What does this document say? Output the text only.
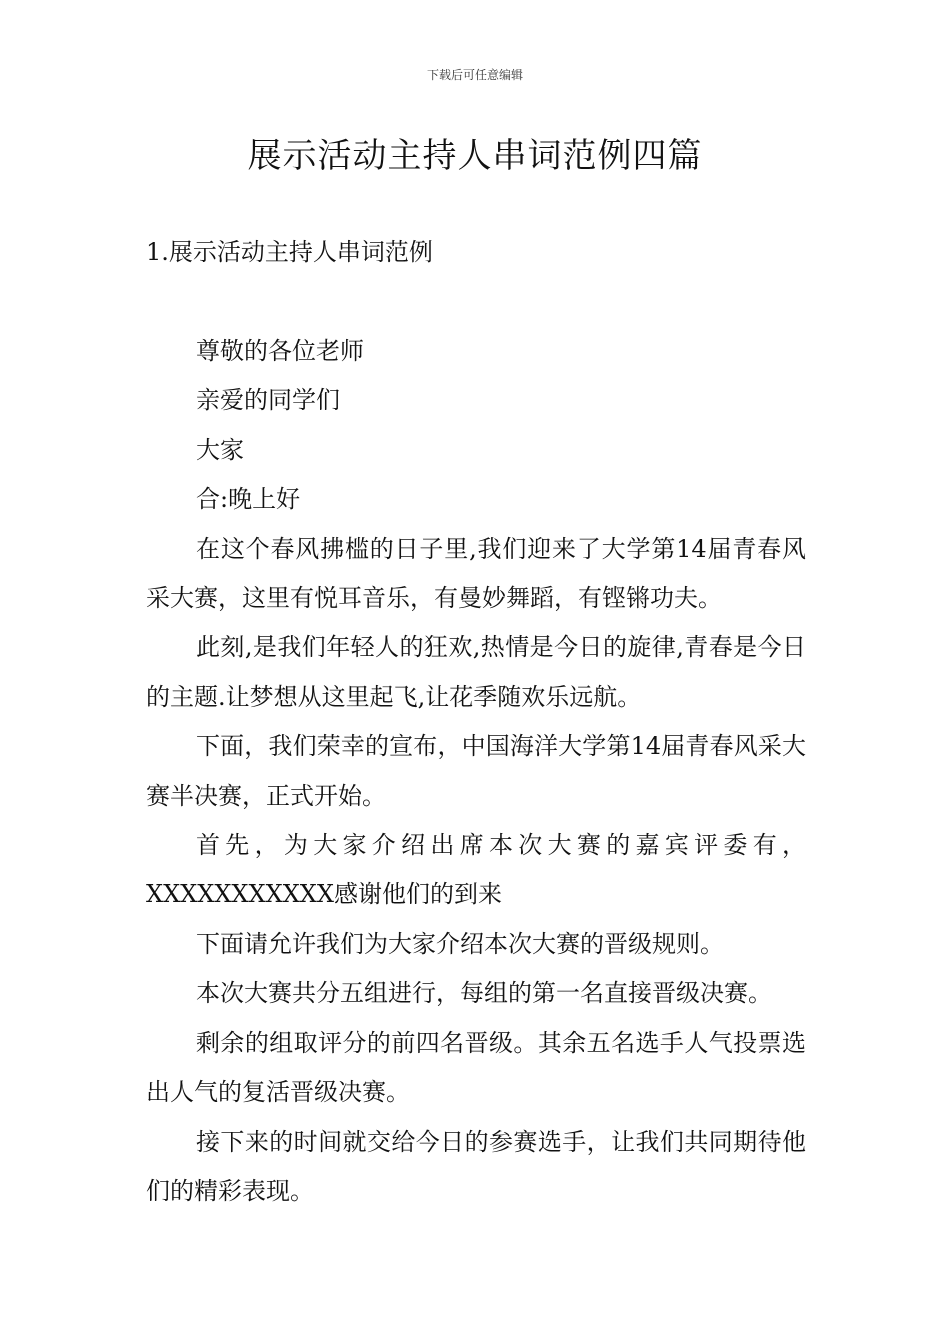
下载后可任意编辑
展示活动主持人串词范例四篇
1.展示活动主持人串词范例

尊敬的各位老师

亲爱的同学们

大家

合:晚上好

在这个春风拂槛的日子里,我们迎来了大学第14届青春风采大赛，这里有悦耳音乐，有曼妙舞蹈，有铿锵功夫。

此刻,是我们年轻人的狂欢,热情是今日的旋律,青春是今日的主题.让梦想从这里起飞,让花季随欢乐远航。

下面，我们荣幸的宣布，中国海洋大学第14届青春风采大赛半决赛，正式开始。

首先，为大家介绍出席本次大赛的嘉宾评委有，

XXXXXXXXXXX感谢他们的到来

下面请允许我们为大家介绍本次大赛的晋级规则。

本次大赛共分五组进行，每组的第一名直接晋级决赛。

剩余的组取评分的前四名晋级。其余五名选手人气投票选出人气的复活晋级决赛。

接下来的时间就交给今日的参赛选手，让我们共同期待他们的精彩表现。
